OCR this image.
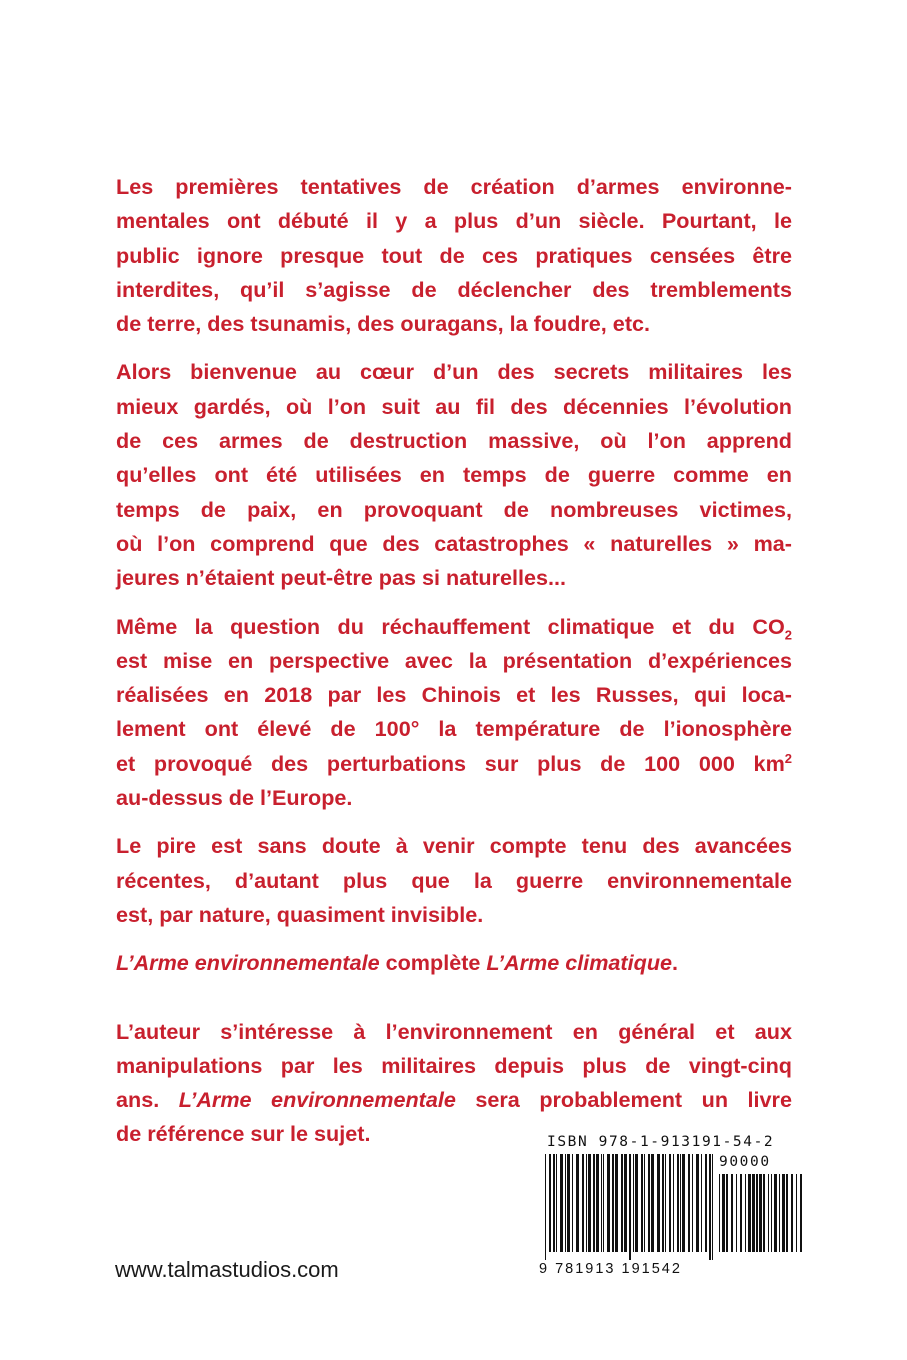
Les premières tentatives de création d’armes environne-
mentales ont débuté il y a plus d’un siècle. Pourtant, le
public ignore presque tout de ces pratiques censées être
interdites, qu’il s’agisse de déclencher des tremblements
de terre, des tsunamis, des ouragans, la foudre, etc.

Alors bienvenue au cœur d’un des secrets militaires les
mieux gardés, où l’on suit au fil des décennies l’évolution
de ces armes de destruction massive, où l’on apprend
qu’elles ont été utilisées en temps de guerre comme en
temps de paix, en provoquant de nombreuses victimes,
où l’on comprend que des catastrophes « naturelles » ma-
jeures n’étaient peut-être pas si naturelles...

Même la question du réchauffement climatique et du $CO_2$
est mise en perspective avec la présentation d’expériences
réalisées en 2018 par les Chinois et les Russes, qui loca-
lement ont élevé de 100° la température de l’ionosphère
et provoqué des perturbations sur plus de 100 000 $km^2$
au-dessus de l’Europe.

Le pire est sans doute à venir compte tenu des avancées
récentes, d’autant plus que la guerre environnementale
est, par nature, quasiment invisible.

L’Arme environnementale complète L’Arme climatique.

L’auteur s’intéresse à l’environnement en général et aux
manipulations par les militaires depuis plus de vingt-cinq
ans. L’Arme environnementale sera probablement un livre
de référence sur le sujet.

www.talmastudios.com
ISBN 978-1-913191-54-2
90000
9 781913 191542
